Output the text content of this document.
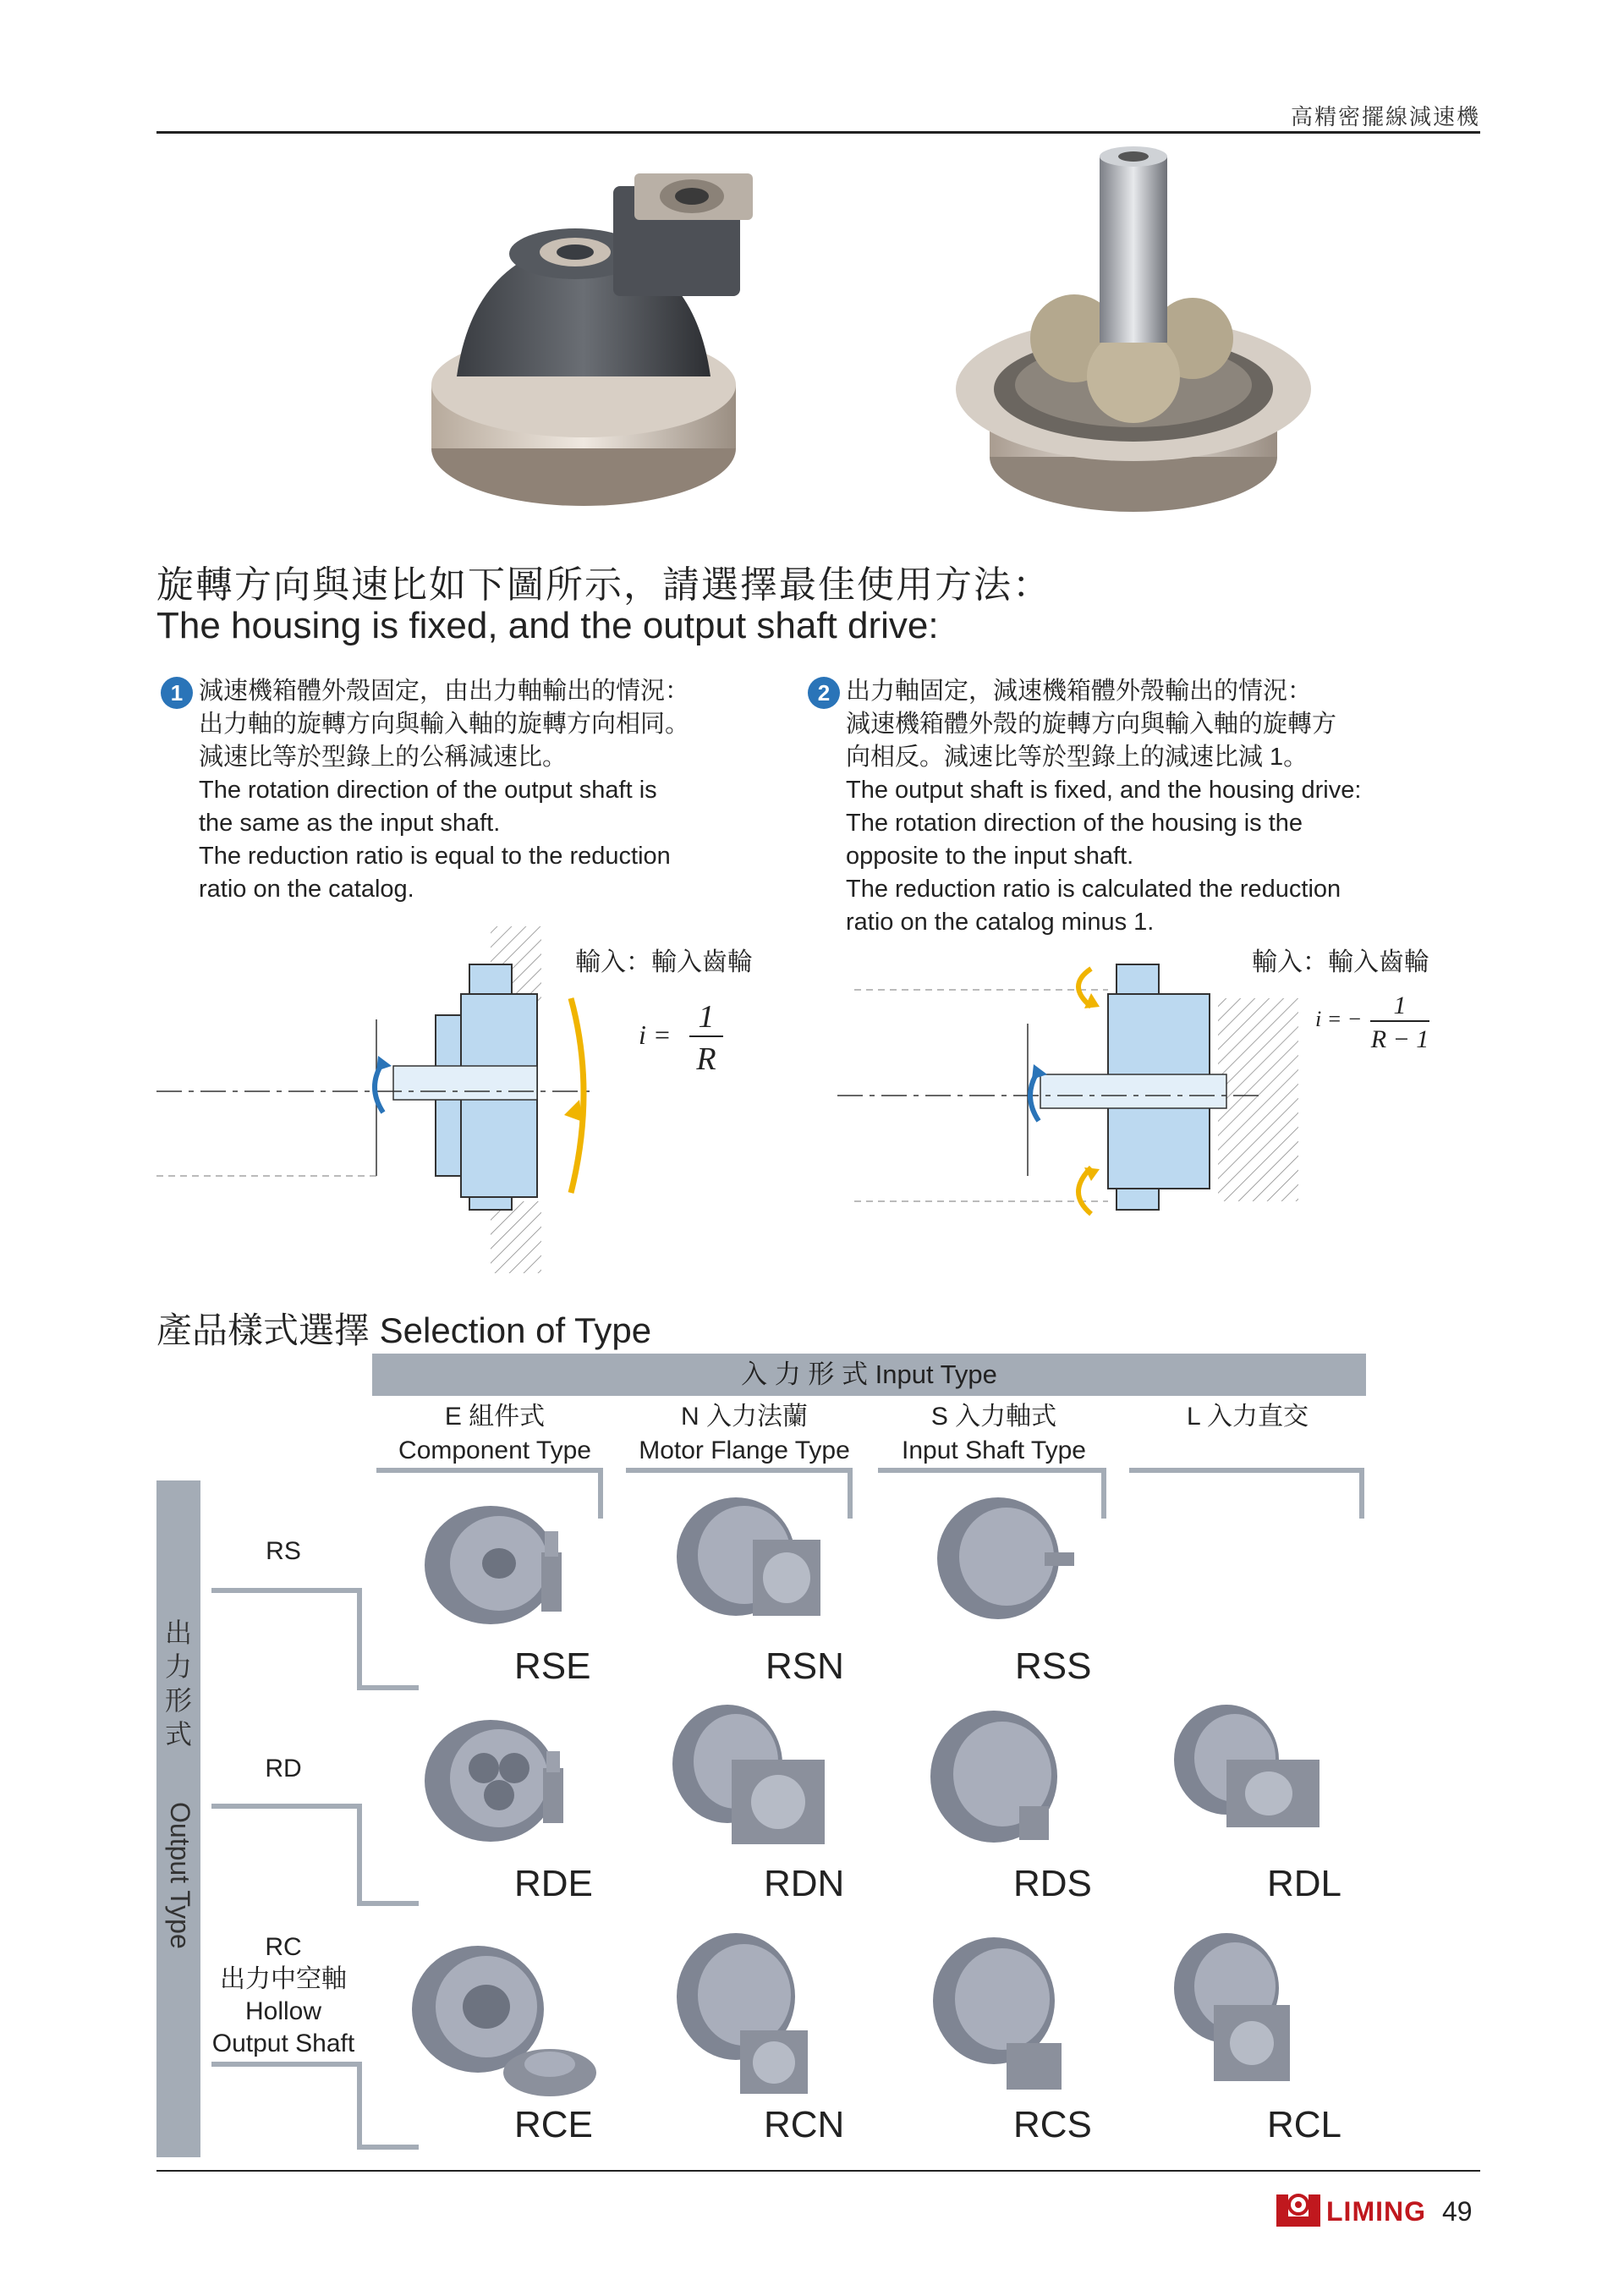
高精密擺線減速機
旋轉方向與速比如下圖所示，請選擇最佳使用方法：
The housing is fixed, and the output shaft drive:
1 減速機箱體外殼固定，由出力軸輸出的情況：
出力軸的旋轉方向與輸入軸的旋轉方向相同。
減速比等於型錄上的公稱減速比。
The rotation direction of the output shaft is
the same as the input shaft.
The reduction ratio is equal to the reduction
ratio on the catalog.
2 出力軸固定，減速機箱體外殼輸出的情況：
減速機箱體外殼的旋轉方向與輸入軸的旋轉方
向相反。減速比等於型錄上的減速比減 1。
The output shaft is fixed, and the housing drive:
The rotation direction of the housing is the
opposite to the input shaft.
The reduction ratio is calculated the reduction
ratio on the catalog minus 1.
輸入：輸入齒輪
i = 1
R
輸入：輸入齒輪
i = −	1
R − 1
產品樣式選擇 Selection of Type
入 力 形 式 Input Type
E 組件式
Component Type
N 入力法蘭
Motor Flange Type
S 入力軸式
Input Shaft Type
L 入力直交
出力形式
Output Type
RS
RD
RC
出力中空軸
Hollow
Output Shaft
RSE	RSN	RSS
RDE	RDN	RDS	RDL
RCE	RCN	RCS	RCL
LIMING 49
